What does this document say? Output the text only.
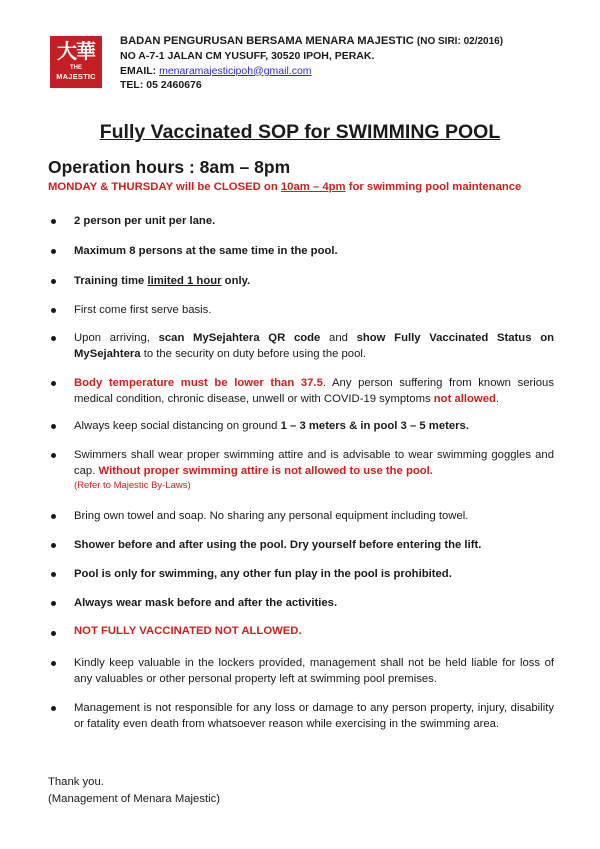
大華
THE
MAJESTIC
BADAN PENGURUSAN BERSAMA MENARA MAJESTIC (NO SIRI: 02/2016)
NO A-7-1 JALAN CM YUSUFF, 30520 IPOH, PERAK.
EMAIL: menaramajesticipoh@gmail.com
TEL: 05 2460676
Fully Vaccinated SOP for SWIMMING POOL
Operation hours : 8am – 8pm
MONDAY & THURSDAY will be CLOSED on 10am – 4pm for swimming pool maintenance
2 person per unit per lane.
Maximum 8 persons at the same time in the pool.
Training time limited 1 hour only.
First come first serve basis.
Upon arriving, scan MySejahtera QR code and show Fully Vaccinated Status on MySejahtera to the security on duty before using the pool.
Body temperature must be lower than 37.5. Any person suffering from known serious medical condition, chronic disease, unwell or with COVID-19 symptoms not allowed.
Always keep social distancing on ground 1 – 3 meters & in pool 3 – 5 meters.
Swimmers shall wear proper swimming attire and is advisable to wear swimming goggles and cap. Without proper swimming attire is not allowed to use the pool.
(Refer to Majestic By-Laws)
Bring own towel and soap. No sharing any personal equipment including towel.
Shower before and after using the pool. Dry yourself before entering the lift.
Pool is only for swimming, any other fun play in the pool is prohibited.
Always wear mask before and after the activities.
NOT FULLY VACCINATED NOT ALLOWED.
Kindly keep valuable in the lockers provided, management shall not be held liable for loss of any valuables or other personal property left at swimming pool premises.
Management is not responsible for any loss or damage to any person property, injury, disability or fatality even death from whatsoever reason while exercising in the swimming area.
Thank you.
(Management of Menara Majestic)
